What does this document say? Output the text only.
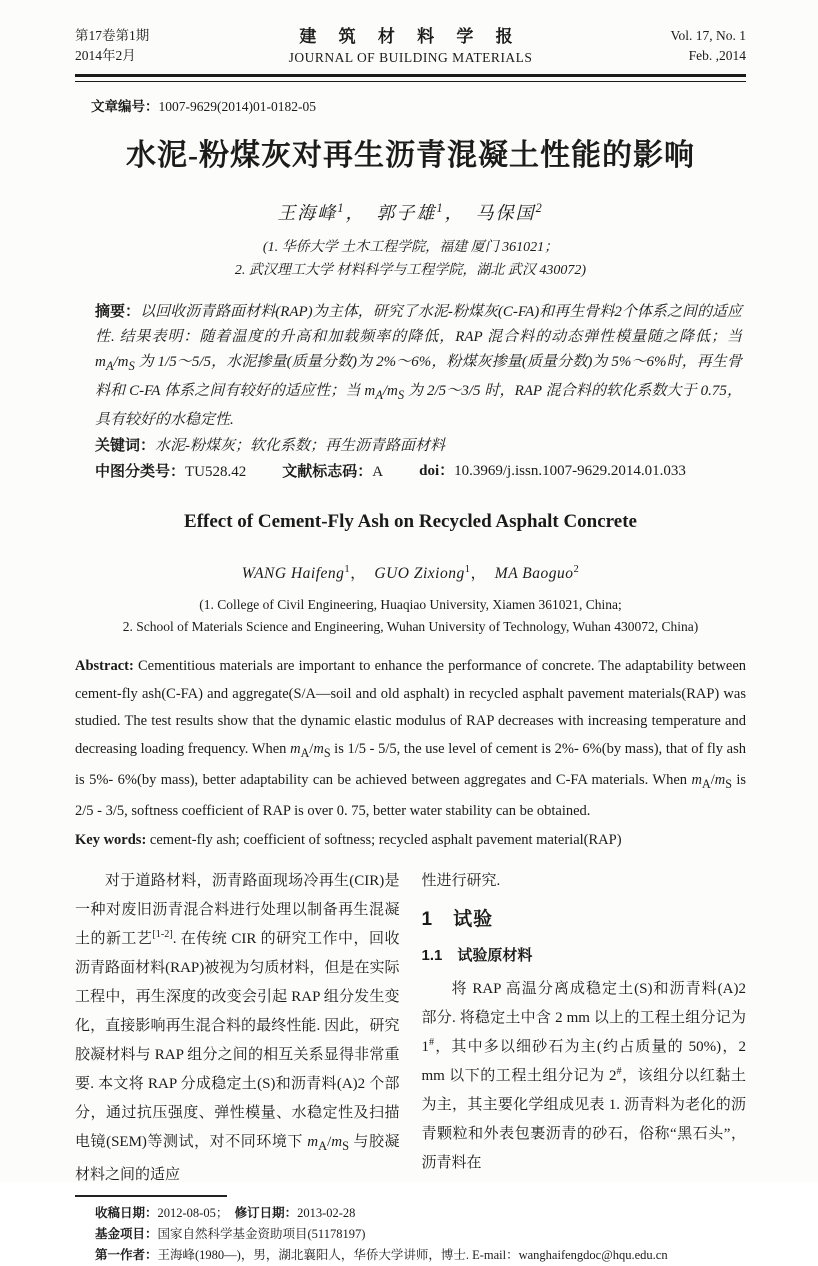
第17卷第1期
2014年2月
建 筑 材 料 学 报
JOURNAL OF BUILDING MATERIALS
Vol. 17, No. 1
Feb. ,2014
文章编号：1007-9629(2014)01-0182-05
水泥-粉煤灰对再生沥青混凝土性能的影响
王海峰$^1$，　郭子雄$^1$，　马保国$^2$
(1. 华侨大学 土木工程学院，福建 厦门 361021；
2. 武汉理工大学 材料科学与工程学院，湖北 武汉 430072)

摘要：以回收沥青路面材料(RAP)为主体，研究了水泥-粉煤灰(C-FA)和再生骨料2个体系之间的适应性. 结果表明：随着温度的升高和加载频率的降低，RAP 混合料的动态弹性模量随之降低；当 $m_A/m_S$ 为 1/5～5/5，水泥掺量(质量分数)为 2%～6%，粉煤灰掺量(质量分数)为 5%～6%时，再生骨料和 C-FA 体系之间有较好的适应性；当 $m_A/m_S$ 为 2/5～3/5 时，RAP 混合料的软化系数大于 0.75，具有较好的水稳定性.

关键词：水泥-粉煤灰；软化系数；再生沥青路面材料

中图分类号：TU528.42 文献标志码：A doi：10.3969/j.issn.1007-9629.2014.01.033

Effect of Cement-Fly Ash on Recycled Asphalt Concrete
WANG Haifeng$^1$，　GUO Zixiong$^1$，　MA Baoguo$^2$
(1. College of Civil Engineering, Huaqiao University, Xiamen 361021, China;
2. School of Materials Science and Engineering, Wuhan University of Technology, Wuhan 430072, China)

Abstract: Cementitious materials are important to enhance the performance of concrete. The adaptability between cement-fly ash(C-FA) and aggregate(S/A—soil and old asphalt) in recycled asphalt pavement materials(RAP) was studied. The test results show that the dynamic elastic modulus of RAP decreases with increasing temperature and decreasing loading frequency. When $m_A/m_S$ is 1/5 - 5/5, the use level of cement is 2%- 6%(by mass), that of fly ash is 5%- 6%(by mass), better adaptability can be achieved between aggregates and C-FA materials. When $m_A/m_S$ is 2/5 - 3/5, softness coefficient of RAP is over 0. 75, better water stability can be obtained.

Key words: cement-fly ash; coefficient of softness; recycled asphalt pavement material(RAP)

对于道路材料，沥青路面现场冷再生(CIR)是一种对废旧沥青混合料进行处理以制备再生混凝土的新工艺[1-2]. 在传统 CIR 的研究工作中，回收沥青路面材料(RAP)被视为匀质材料，但是在实际工程中，再生深度的改变会引起 RAP 组分发生变化，直接影响再生混合料的最终性能. 因此，研究胶凝材料与 RAP 组分之间的相互关系显得非常重要. 本文将 RAP 分成稳定土(S)和沥青料(A)2 个部分，通过抗压强度、弹性模量、水稳定性及扫描电镜(SEM)等测试，对不同环境下 $m_A/m_S$ 与胶凝材料之间的适应

性进行研究.

1　试验
1.1　试验原材料

将 RAP 高温分离成稳定土(S)和沥青料(A)2 部分. 将稳定土中含 2 mm 以上的工程土组分记为 1#，其中多以细砂石为主(约占质量的 50%)，2 mm 以下的工程土组分记为 2#，该组分以红黏土为主，其主要化学组成见表 1. 沥青料为老化的沥青颗粒和外表包裹沥青的砂石，俗称“黑石头”，沥青料在

收稿日期：2012-08-05；　修订日期：2013-02-28
基金项目：国家自然科学基金资助项目(51178197)
第一作者：王海峰(1980—)，男，湖北襄阳人，华侨大学讲师，博士. E-mail：wanghaifengdoc@hqu.edu.cn
